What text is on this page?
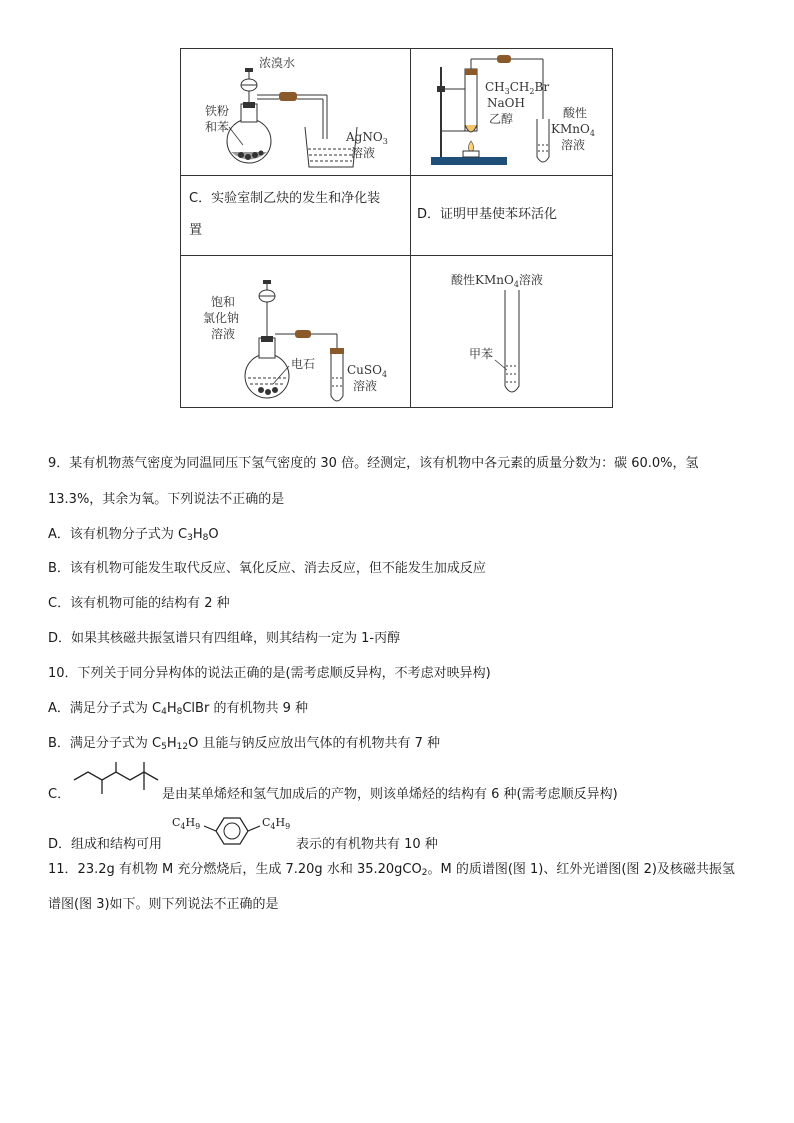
浓溴水
铁粉
和苯
AgNO$_3$
溶液
$CH_3CH_2Br$
NaOH
乙醇	酸性
KMnO$_4$
溶液
C．实验室制乙炔的发生和净化装
置
D．证明甲基使苯环活化
饱和
氯化钠
溶液
电石	CuSO$_4$
溶液
酸性KMnO$_4$溶液
甲苯
9．某有机物蒸气密度为同温同压下氢气密度的 30 倍。经测定，该有机物中各元素的质量分数为：碳 60.0%，氢
13.3%，其余为氧。下列说法不正确的是
A．该有机物分子式为 $C_3H_8O$
B．该有机物可能发生取代反应、氧化反应、消去反应，但不能发生加成反应
C．该有机物可能的结构有 2 种
D．如果其核磁共振氢谱只有四组峰，则其结构一定为 1-丙醇
10．下列关于同分异构体的说法正确的是(需考虑顺反异构，不考虑对映异构)
A．满足分子式为 $C_4H_8ClBr$ 的有机物共 9 种
B．满足分子式为 $C_5H_{12}O$ 且能与钠反应放出气体的有机物共有 7 种
C．	是由某单烯烃和氢气加成后的产物，则该单烯烃的结构有 6 种(需考虑顺反异构)
D．组成和结构可用
$C_4H_9$	$C_4H_9$
表示的有机物共有 10 种
11．23.2g 有机物 M 充分燃烧后，生成 7.20g 水和 35.20gCO$_2$。M 的质谱图(图 1)、红外光谱图(图 2)及核磁共振氢
谱图(图 3)如下。则下列说法不正确的是
